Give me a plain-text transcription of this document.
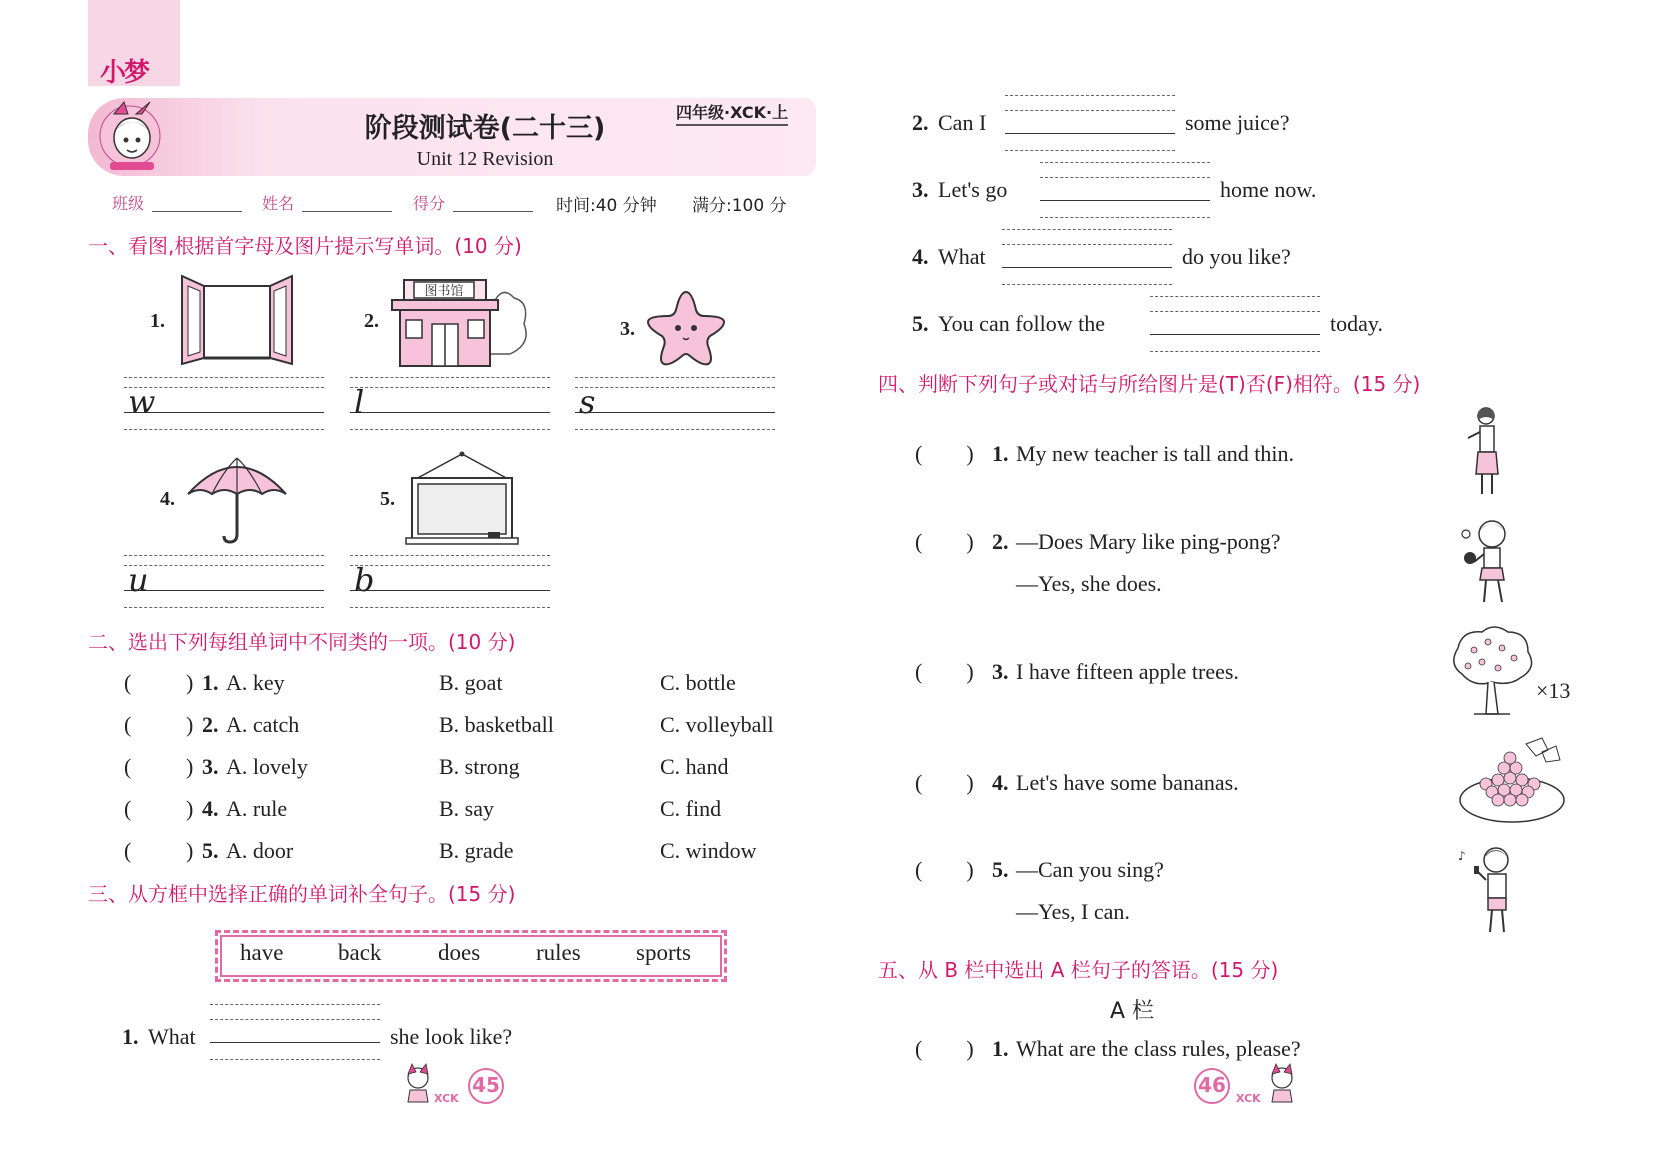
小梦
阶段测试卷(二十三)
Unit 12 Revision
四年级·XCK·上
班级	姓名	得分	时间:40 分钟 满分:100 分
一、看图,根据首字母及图片提示写单词。(10 分)
1.
w
2.
图书馆
l
3.
s
4.
u
5.
b
二、选出下列每组单词中不同类的一项。(10 分)
( ) 1. A. key	B. goat	C. bottle
( ) 2. A. catch	B. basketball	C. volleyball
( ) 3. A. lovely	B. strong	C. hand
( ) 4. A. rule	B. say	C. find
( ) 5. A. door	B. grade	C. window
三、从方框中选择正确的单词补全句子。(15 分)
have back does rules sports
1. What	she look like?
XCK
45
2. Can I	some juice?
3. Let's go	home now.
4. What	do you like?
5. You can follow the	today.
四、判断下列句子或对话与所给图片是(T)否(F)相符。(15 分)
(        ) 1. My new teacher is tall and thin.
(        ) 2. —Does Mary like ping-pong?
—Yes, she does.
(        ) 3. I have fifteen apple trees.
×13
(        ) 4. Let's have some bananas.
(        ) 5. —Can you sing?
—Yes, I can.
♪
五、从 B 栏中选出 A 栏句子的答语。(15 分)
A 栏
(        ) 1. What are the class rules, please?
46
XCK
